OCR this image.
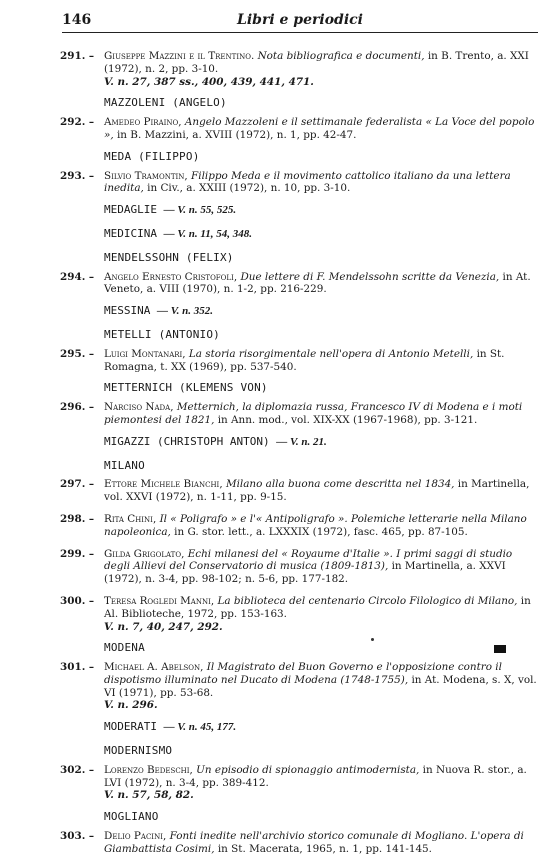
146	Libri e periodici
291. – Giuseppe Mazzini e il Trentino. Nota bibliografica e documenti, in B. Trento, a. XXI (1972), n. 2, pp. 3-10.
V. n. 27, 387 ss., 400, 439, 441, 471.
MAZZOLENI (ANGELO)
292. – Amedeo Piraino, Angelo Mazzoleni e il settimanale federalista « La Voce del popolo », in B. Mazzini, a. XVIII (1972), n. 1, pp. 42-47.
MEDA (FILIPPO)
293. – Silvio Tramontin, Filippo Meda e il movimento cattolico italiano da una lettera inedita, in Civ., a. XXIII (1972), n. 10, pp. 3-10.
MEDAGLIE — V. n. 55, 525.
MEDICINA — V. n. 11, 54, 348.
MENDELSSOHN (FELIX)
294. – Angelo Ernesto Cristofoli, Due lettere di F. Mendelssohn scritte da Venezia, in At. Veneto, a. VIII (1970), n. 1-2, pp. 216-229.
MESSINA — V. n. 352.
METELLI (ANTONIO)
295. – Luigi Montanari, La storia risorgimentale nell'opera di Antonio Metelli, in St. Romagna, t. XX (1969), pp. 537-540.
METTERNICH (KLEMENS VON)
296. – Narciso Nada, Metternich, la diplomazia russa, Francesco IV di Modena e i moti piemontesi del 1821, in Ann. mod., vol. XIX-XX (1967-1968), pp. 3-121.
MIGAZZI (CHRISTOPH ANTON) — V. n. 21.
MILANO
297. – Ettore Michele Bianchi, Milano alla buona come descritta nel 1834, in Martinella, vol. XXVI (1972), n. 1-11, pp. 9-15.
298. – Rita Chini, Il « Poligrafo » e l'« Antipoligrafo ». Polemiche letterarie nella Milano napoleonica, in G. stor. lett., a. LXXXIX (1972), fasc. 465, pp. 87-105.
299. – Gilda Grigolato, Echi milanesi del « Royaume d'Italie ». I primi saggi di studio degli Allievi del Conservatorio di musica (1809-1813), in Martinella, a. XXVI (1972), n. 3-4, pp. 98-102; n. 5-6, pp. 177-182.
300. – Teresa Rogledi Manni, La biblioteca del centenario Circolo Filologico di Milano, in Al. Biblioteche, 1972, pp. 153-163.
V. n. 7, 40, 247, 292.
MODENA
301. – Michael A. Abelson, Il Magistrato del Buon Governo e l'opposizione contro il dispotismo illuminato nel Ducato di Modena (1748-1755), in At. Modena, s. X, vol. VI (1971), pp. 53-68.
V. n. 296.
MODERATI — V. n. 45, 177.
MODERNISMO
302. – Lorenzo Bedeschi, Un episodio di spionaggio antimodernista, in Nuova R. stor., a. LVI (1972), n. 3-4, pp. 389-412.
V. n. 57, 58, 82.
MOGLIANO
303. – Delio Pacini, Fonti inedite nell'archivio storico comunale di Mogliano. L'opera di Giambattista Cosimi, in St. Macerata, 1965, n. 1, pp. 141-145.
